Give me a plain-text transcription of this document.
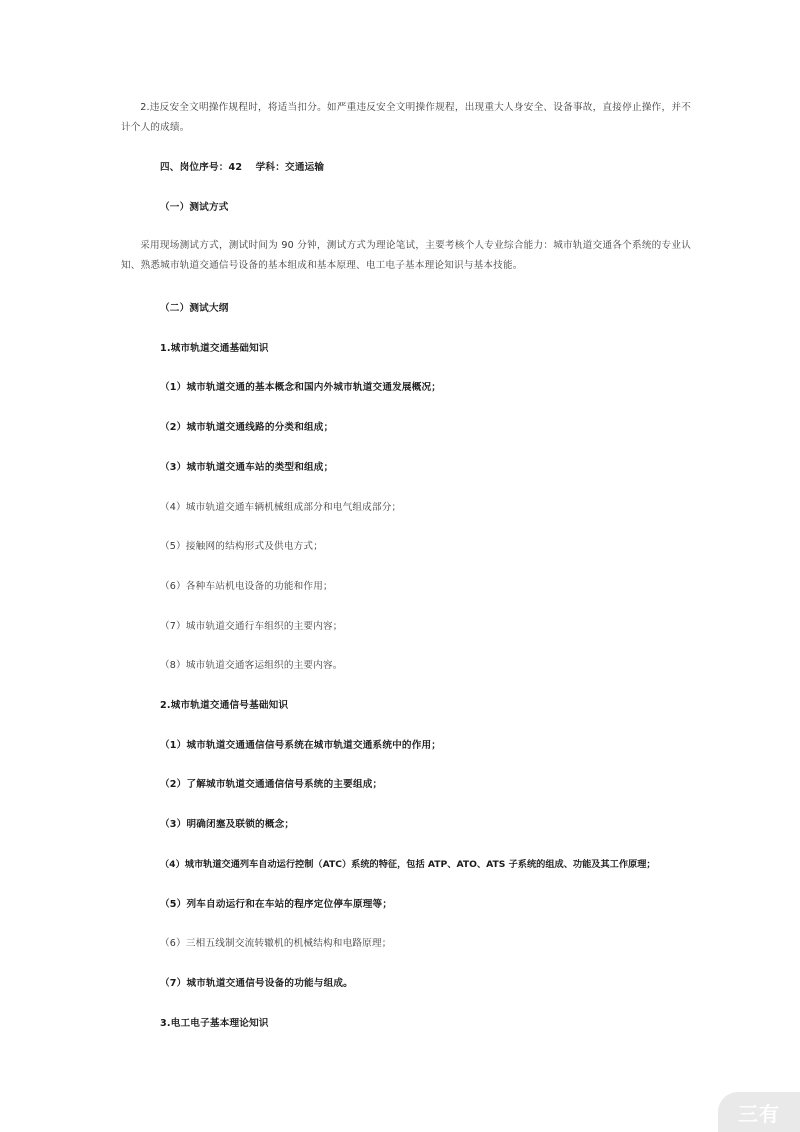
2.违反安全文明操作规程时，将适当扣分。如严重违反安全文明操作规程，出现重大人身安全、设备事故，直接停止操作，并不计个人的成绩。

四、岗位序号：42　 学科：交通运输
（一）测试方式

采用现场测试方式，测试时间为 90 分钟，测试方式为理论笔试，主要考核个人专业综合能力：城市轨道交通各个系统的专业认知、熟悉城市轨道交通信号设备的基本组成和基本原理、电工电子基本理论知识与基本技能。

（二）测试大纲
1.城市轨道交通基础知识
（1）城市轨道交通的基本概念和国内外城市轨道交通发展概况；
（2）城市轨道交通线路的分类和组成；
（3）城市轨道交通车站的类型和组成；
（4）城市轨道交通车辆机械组成部分和电气组成部分；
（5）接触网的结构形式及供电方式；
（6）各种车站机电设备的功能和作用；
（7）城市轨道交通行车组织的主要内容；
（8）城市轨道交通客运组织的主要内容。
2.城市轨道交通信号基础知识
（1）城市轨道交通通信信号系统在城市轨道交通系统中的作用；
（2）了解城市轨道交通通信信号系统的主要组成；
（3）明确闭塞及联锁的概念；
（4）城市轨道交通列车自动运行控制（ATC）系统的特征，包括 ATP、ATO、ATS 子系统的组成、功能及其工作原理；
（5）列车自动运行和在车站的程序定位停车原理等；
（6）三相五线制交流转辙机的机械结构和电路原理；
（7）城市轨道交通信号设备的功能与组成。
3.电工电子基本理论知识
三有
